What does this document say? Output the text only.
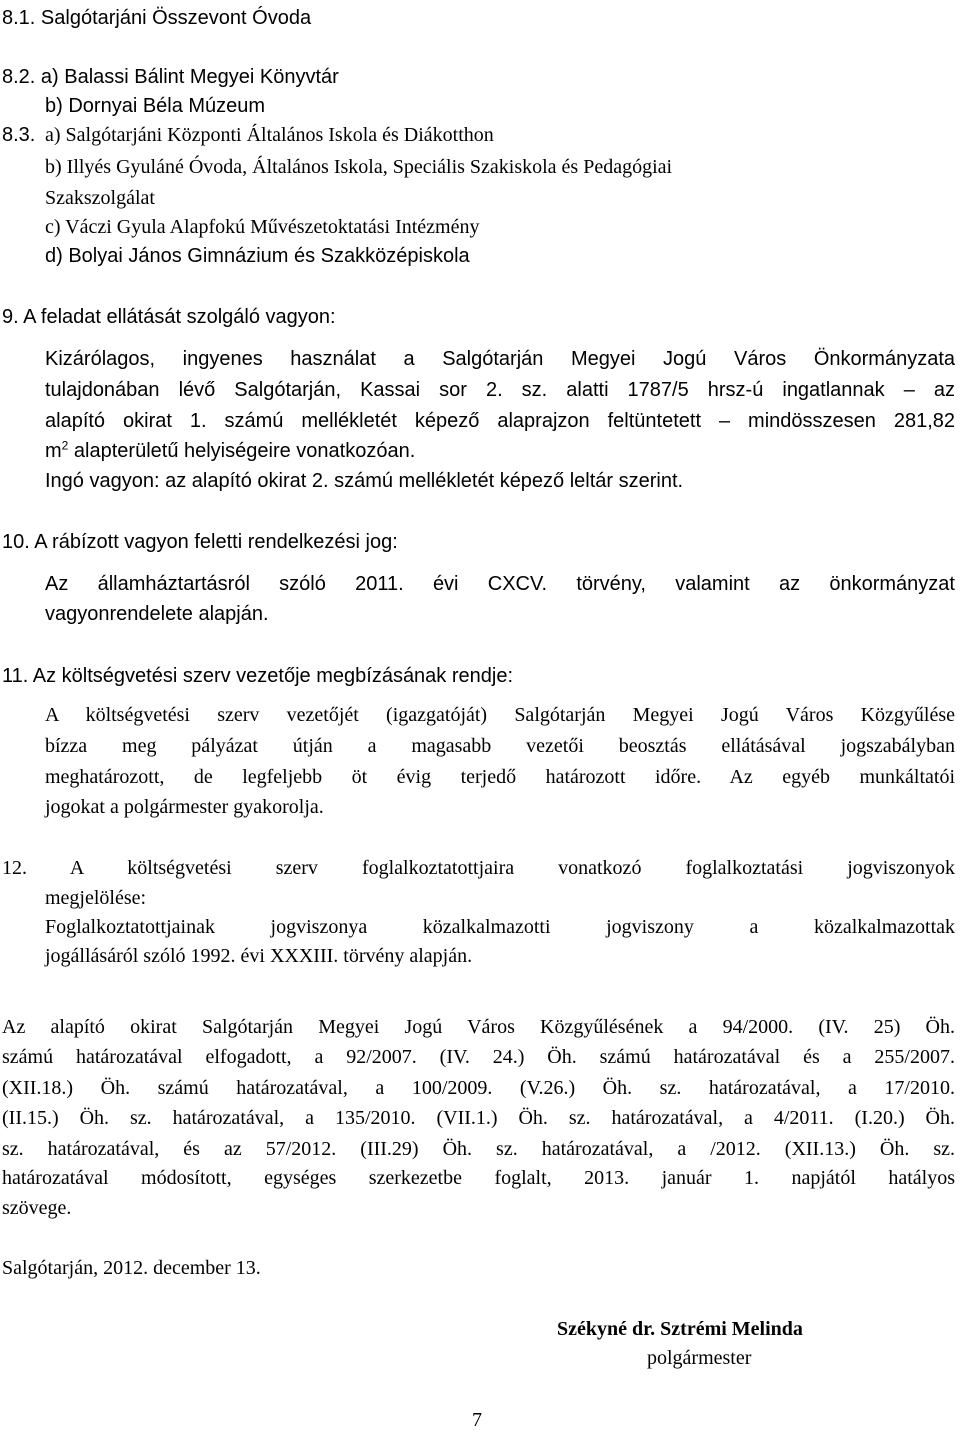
8.1. Salgótarjáni Összevont Óvoda
8.2. a) Balassi Bálint Megyei Könyvtár
b) Dornyai Béla Múzeum
8.3. a) Salgótarjáni Központi Általános Iskola és Diákotthon
b) Illyés Gyuláné Óvoda, Általános Iskola, Speciális Szakiskola és Pedagógiai
Szakszolgálat
c) Váczi Gyula Alapfokú Művészetoktatási Intézmény
d) Bolyai János Gimnázium és Szakközépiskola
9. A feladat ellátását szolgáló vagyon:
Kizárólagos, ingyenes használat a Salgótarján Megyei Jogú Város Önkormányzata
tulajdonában lévő Salgótarján, Kassai sor 2. sz. alatti 1787/5 hrsz-ú ingatlannak – az
alapító okirat 1. számú mellékletét képező alaprajzon feltüntetett – mindösszesen 281,82
$m^2$ alapterületű helyiségeire vonatkozóan.
Ingó vagyon: az alapító okirat 2. számú mellékletét képező leltár szerint.
10. A rábízott vagyon feletti rendelkezési jog:
Az államháztartásról szóló 2011. évi CXCV. törvény, valamint az önkormányzat
vagyonrendelete alapján.
11. Az költségvetési szerv vezetője megbízásának rendje:
A költségvetési szerv vezetőjét (igazgatóját) Salgótarján Megyei Jogú Város Közgyűlése
bízza meg pályázat útján a magasabb vezetői beosztás ellátásával jogszabályban
meghatározott, de legfeljebb öt évig terjedő határozott időre. Az egyéb munkáltatói
jogokat a polgármester gyakorolja.
12. A költségvetési szerv foglalkoztatottjaira vonatkozó foglalkoztatási jogviszonyok
megjelölése:
Foglalkoztatottjainak jogviszonya közalkalmazotti jogviszony a közalkalmazottak
jogállásáról szóló 1992. évi XXXIII. törvény alapján.
Az alapító okirat Salgótarján Megyei Jogú Város Közgyűlésének a 94/2000. (IV. 25) Öh.
számú határozatával elfogadott, a 92/2007. (IV. 24.) Öh. számú határozatával és a 255/2007.
(XII.18.) Öh. számú határozatával, a 100/2009. (V.26.) Öh. sz. határozatával, a 17/2010.
(II.15.) Öh. sz. határozatával, a 135/2010. (VII.1.) Öh. sz. határozatával, a 4/2011. (I.20.) Öh.
sz. határozatával, és az 57/2012. (III.29) Öh. sz. határozatával, a /2012. (XII.13.) Öh. sz.
határozatával módosított, egységes szerkezetbe foglalt, 2013. január 1. napjától hatályos
szövege.
Salgótarján, 2012. december 13.
Székyné dr. Sztrémi Melinda
polgármester
7
